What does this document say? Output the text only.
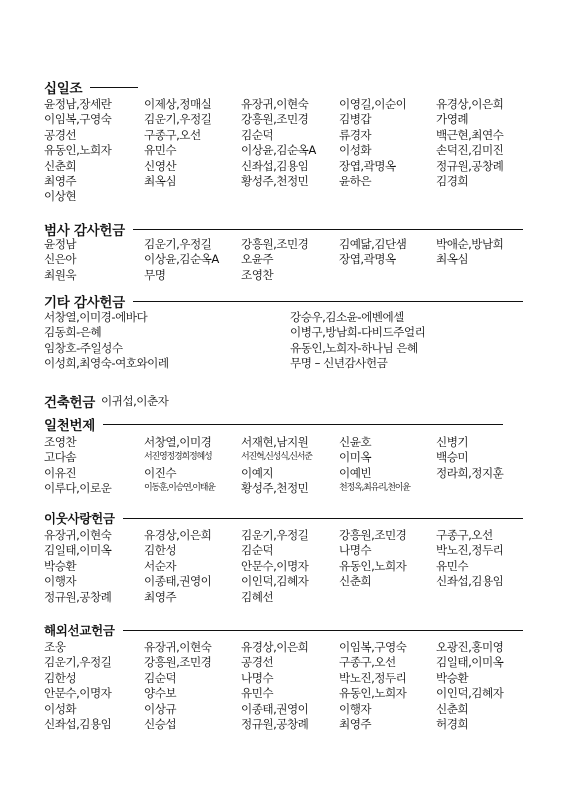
십일조
윤정남,장세란	이제상,정매실	유장귀,이현숙	이영길,이순이	유경상,이은희
이임복,구영숙	김운기,우정길	강흥원,조민경	김병갑	가영례
공경선	구종구,오선	김순덕	류경자	백근현,최연수
유동인,노희자	유민수	이상윤,김순옥A	이성화	손덕진,김미진
신춘희	신영산	신좌섭,김용임	장엽,곽명옥	정규원,공창례
최영주	최옥심	황성주,천정민	윤하은	김경희
이상현
범사 감사헌금
윤정남	김운기,우정길	강흥원,조민경	김예닮,김단샘	박애순,방남희
신은아	이상윤,김순옥A	오윤주	장엽,곽명옥	최옥심
최원욱	무명	조영찬
기타 감사헌금
서창열,이미경-에바다	강승우,김소윤-에벤에셀
김동희-은혜	이병구,방남희-다비드주얼리
임창호-주일성수	유동인,노희자-하나님 은혜
이성희,최영숙-여호와이레	무명 – 신년감사헌금
건축헌금 이귀섭,이춘자
일천번제
조영찬	서창열,이미경	서재현,남지원	신윤호	신병기
고다솜	서진영정경희정혜성	서진혁,신성식,신서준	이미옥	백승미
이유진	이진수	이예지	이예빈	정라희,정지훈
이루다,이로운	이동훈,이승연,이태윤	황성주,천정민	천정옥,최유리,천이윤
이웃사랑헌금
유장귀,이현숙	유경상,이은희	김운기,우정길	강흥원,조민경	구종구,오선
김일태,이미옥	김한성	김순덕	나명수	박노진,정두리
박승환	서순자	안문수,이명자	유동인,노희자	유민수
이행자	이종태,권영이	이인덕,김혜자	신춘희	신좌섭,김용임
정규원,공창례	최영주	김혜선
해외선교헌금
조웅	유장귀,이현숙	유경상,이은희	이임복,구영숙	오광진,홍미영
김운기,우정길	강흥원,조민경	공경선	구종구,오선	김일태,이미옥
김한성	김순덕	나명수	박노진,정두리	박승환
안문수,이명자	양수보	유민수	유동인,노희자	이인덕,김혜자
이성화	이상규	이종태,권영이	이행자	신춘희
신좌섭,김용임	신승섭	정규원,공창례	최영주	허경희
